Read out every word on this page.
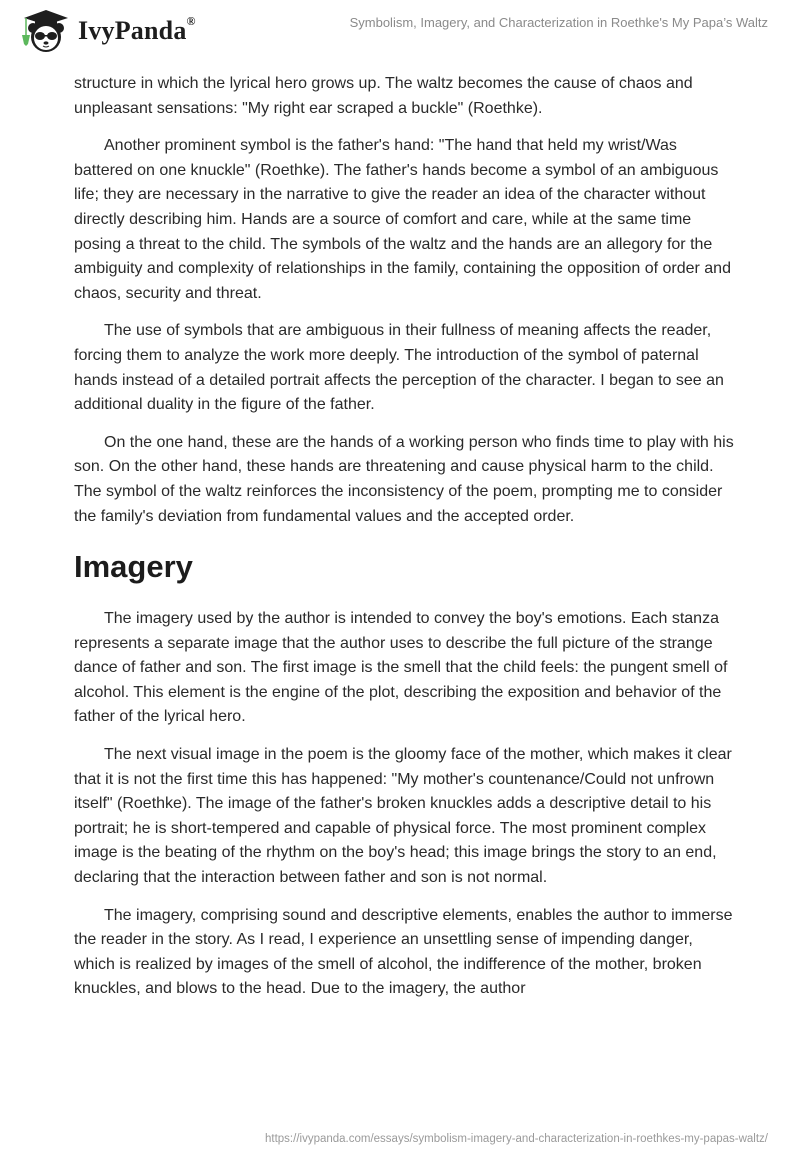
IvyPanda®	Symbolism, Imagery, and Characterization in Roethke's My Papa’s Waltz

structure in which the lyrical hero grows up. The waltz becomes the cause of chaos and unpleasant sensations: "My right ear scraped a buckle" (Roethke).

Another prominent symbol is the father's hand: "The hand that held my wrist/Was battered on one knuckle" (Roethke). The father's hands become a symbol of an ambiguous life; they are necessary in the narrative to give the reader an idea of the character without directly describing him. Hands are a source of comfort and care, while at the same time posing a threat to the child. The symbols of the waltz and the hands are an allegory for the ambiguity and complexity of relationships in the family, containing the opposition of order and chaos, security and threat.

The use of symbols that are ambiguous in their fullness of meaning affects the reader, forcing them to analyze the work more deeply. The introduction of the symbol of paternal hands instead of a detailed portrait affects the perception of the character. I began to see an additional duality in the figure of the father.

On the one hand, these are the hands of a working person who finds time to play with his son. On the other hand, these hands are threatening and cause physical harm to the child. The symbol of the waltz reinforces the inconsistency of the poem, prompting me to consider the family's deviation from fundamental values and the accepted order.

Imagery

The imagery used by the author is intended to convey the boy's emotions. Each stanza represents a separate image that the author uses to describe the full picture of the strange dance of father and son. The first image is the smell that the child feels: the pungent smell of alcohol. This element is the engine of the plot, describing the exposition and behavior of the father of the lyrical hero.

The next visual image in the poem is the gloomy face of the mother, which makes it clear that it is not the first time this has happened: "My mother's countenance/Could not unfrown itself" (Roethke). The image of the father's broken knuckles adds a descriptive detail to his portrait; he is short-tempered and capable of physical force. The most prominent complex image is the beating of the rhythm on the boy's head; this image brings the story to an end, declaring that the interaction between father and son is not normal.

The imagery, comprising sound and descriptive elements, enables the author to immerse the reader in the story. As I read, I experience an unsettling sense of impending danger, which is realized by images of the smell of alcohol, the indifference of the mother, broken knuckles, and blows to the head. Due to the imagery, the author

https://ivypanda.com/essays/symbolism-imagery-and-characterization-in-roethkes-my-papas-waltz/
